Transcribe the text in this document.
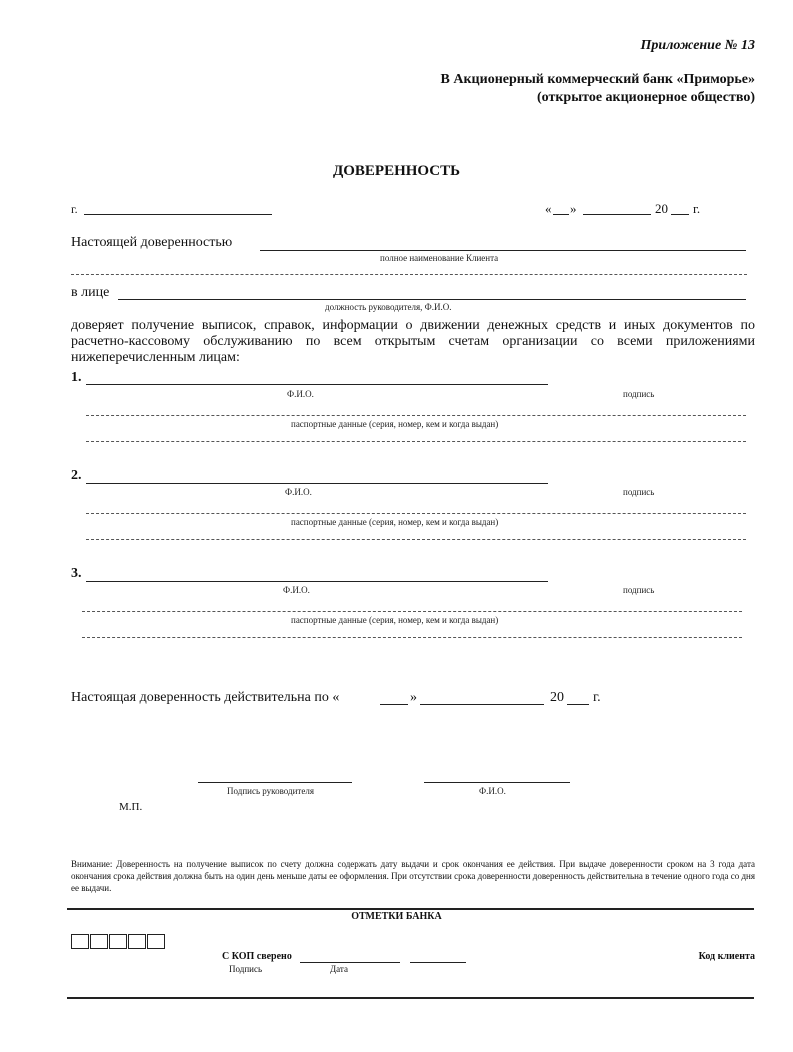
Приложение № 13
В Акционерный коммерческий банк «Приморье»
(открытое акционерное общество)
ДОВЕРЕННОСТЬ
г.	« »	20 г.
Настоящей доверенностью
полное наименование Клиента
в лице
должность руководителя, Ф.И.О.
доверяет получение выписок, справок, информации о движении денежных средств и иных документов по расчетно-кассовому обслуживанию по всем открытым счетам организации со всеми приложениями нижеперечисленным лицам:
1.
Ф.И.О.	подпись
паспортные данные (серия, номер, кем и когда выдан)
2.
Ф.И.О.	подпись
паспортные данные (серия, номер, кем и когда выдан)
3.
Ф.И.О.	подпись
паспортные данные (серия, номер, кем и когда выдан)
Настоящая доверенность действительна по «	»	20 г.
Подпись руководителя	Ф.И.О.
М.П.
Внимание: Доверенность на получение выписок по счету должна содержать дату выдачи и срок окончания ее действия. При выдаче доверенности сроком на 3 года дата окончания срока действия должна быть на один день меньше даты ее оформления. При отсутствии срока доверенности доверенность действительна в течение одного года со дня ее выдачи.
ОТМЕТКИ БАНКА
С КОП сверено
Подпись	Дата
Код клиента
